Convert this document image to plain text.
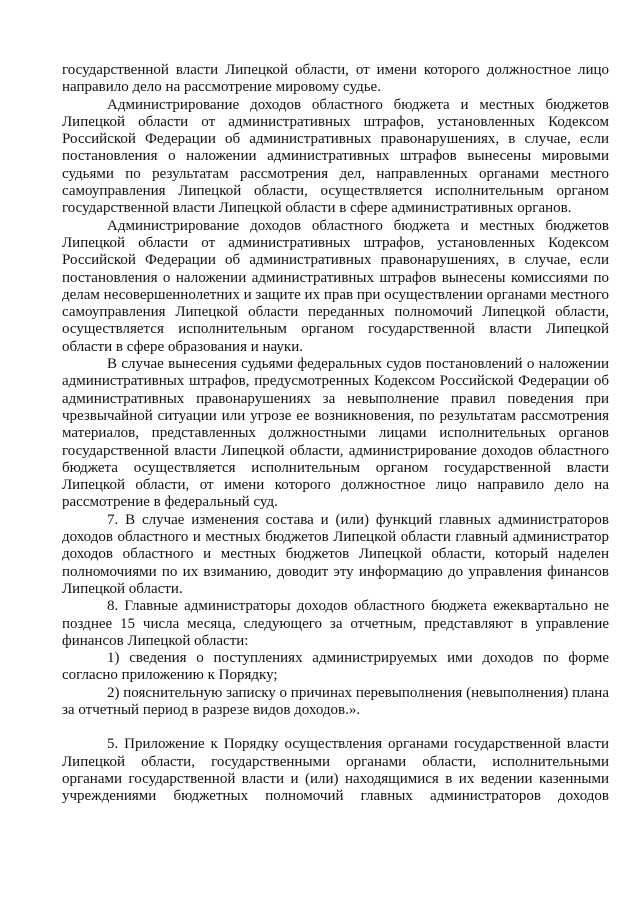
государственной власти Липецкой области, от имени которого должностное лицо направило дело на рассмотрение мировому судье.

Администрирование доходов областного бюджета и местных бюджетов Липецкой области от административных штрафов, установленных Кодексом Российской Федерации об административных правонарушениях, в случае, если постановления о наложении административных штрафов вынесены мировыми судьями по результатам рассмотрения дел, направленных органами местного самоуправления Липецкой области, осуществляется исполнительным органом государственной власти Липецкой области в сфере административных органов.

Администрирование доходов областного бюджета и местных бюджетов Липецкой области от административных штрафов, установленных Кодексом Российской Федерации об административных правонарушениях, в случае, если постановления о наложении административных штрафов вынесены комиссиями по делам несовершеннолетних и защите их прав при осуществлении органами местного самоуправления Липецкой области переданных полномочий Липецкой области, осуществляется исполнительным органом государственной власти Липецкой области в сфере образования и науки.

В случае вынесения судьями федеральных судов постановлений о наложении административных штрафов, предусмотренных Кодексом Российской Федерации об административных правонарушениях за невыполнение правил поведения при чрезвычайной ситуации или угрозе ее возникновения, по результатам рассмотрения материалов, представленных должностными лицами исполнительных органов государственной власти Липецкой области, администрирование доходов областного бюджета осуществляется исполнительным органом государственной власти Липецкой области, от имени которого должностное лицо направило дело на рассмотрение в федеральный суд.

7. В случае изменения состава и (или) функций главных администраторов доходов областного и местных бюджетов Липецкой области главный администратор доходов областного и местных бюджетов Липецкой области, который наделен полномочиями по их взиманию, доводит эту информацию до управления финансов Липецкой области.

8. Главные администраторы доходов областного бюджета ежеквартально не позднее 15 числа месяца, следующего за отчетным, представляют в управление финансов Липецкой области:

1) сведения о поступлениях администрируемых ими доходов по форме согласно приложению к Порядку;

2) пояснительную записку о причинах перевыполнения (невыполнения) плана за отчетный период в разрезе видов доходов.».

5. Приложение к Порядку осуществления органами государственной власти Липецкой области, государственными органами области, исполнительными органами государственной власти и (или) находящимися в их ведении казенными учреждениями бюджетных полномочий главных администраторов доходов
